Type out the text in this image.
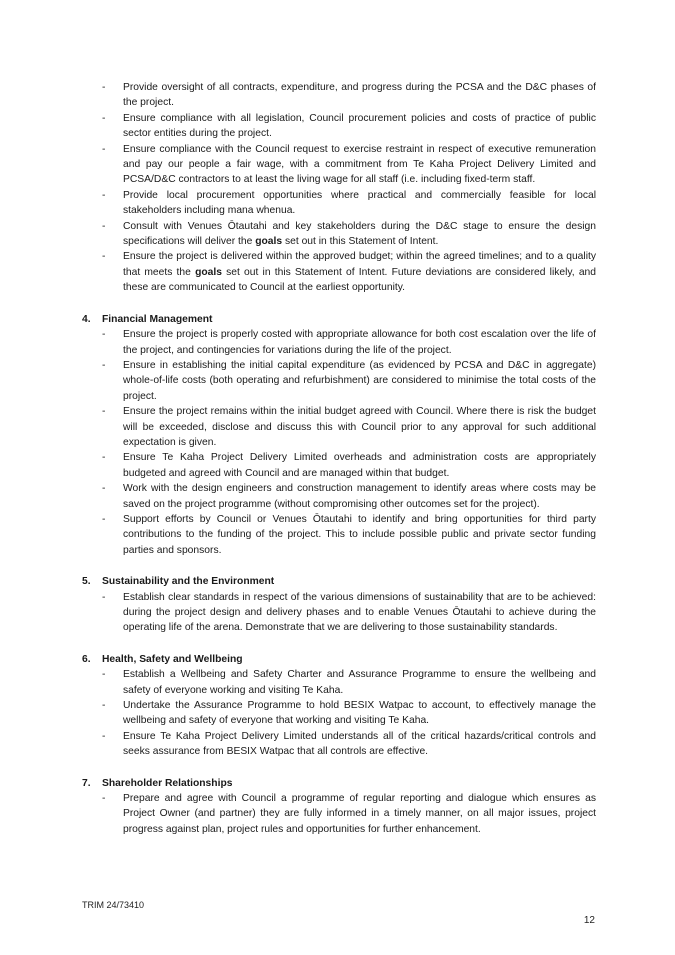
-	Provide oversight of all contracts, expenditure, and progress during the PCSA and the D&C phases of the project.
-	Ensure compliance with all legislation, Council procurement policies and costs of practice of public sector entities during the project.
-	Ensure compliance with the Council request to exercise restraint in respect of executive remuneration and pay our people a fair wage, with a commitment from Te Kaha Project Delivery Limited and PCSA/D&C contractors to at least the living wage for all staff (i.e. including fixed-term staff.
-	Provide local procurement opportunities where practical and commercially feasible for local stakeholders including mana whenua.
-	Consult with Venues Ōtautahi and key stakeholders during the D&C stage to ensure the design specifications will deliver the goals set out in this Statement of Intent.
-	Ensure the project is delivered within the approved budget; within the agreed timelines; and to a quality that meets the goals set out in this Statement of Intent. Future deviations are considered likely, and these are communicated to Council at the earliest opportunity.
4.	Financial Management
-	Ensure the project is properly costed with appropriate allowance for both cost escalation over the life of the project, and contingencies for variations during the life of the project.
-	Ensure in establishing the initial capital expenditure (as evidenced by PCSA and D&C in aggregate) whole-of-life costs (both operating and refurbishment) are considered to minimise the total costs of the project.
-	Ensure the project remains within the initial budget agreed with Council. Where there is risk the budget will be exceeded, disclose and discuss this with Council prior to any approval for such additional expectation is given.
-	Ensure Te Kaha Project Delivery Limited overheads and administration costs are appropriately budgeted and agreed with Council and are managed within that budget.
-	Work with the design engineers and construction management to identify areas where costs may be saved on the project programme (without compromising other outcomes set for the project).
-	Support efforts by Council or Venues Ōtautahi to identify and bring opportunities for third party contributions to the funding of the project. This to include possible public and private sector funding parties and sponsors.
5.	Sustainability and the Environment
-	Establish clear standards in respect of the various dimensions of sustainability that are to be achieved: during the project design and delivery phases and to enable Venues Ōtautahi to achieve during the operating life of the arena. Demonstrate that we are delivering to those sustainability standards.
6.	Health, Safety and Wellbeing
-	Establish a Wellbeing and Safety Charter and Assurance Programme to ensure the wellbeing and safety of everyone working and visiting Te Kaha.
-	Undertake the Assurance Programme to hold BESIX Watpac to account, to effectively manage the wellbeing and safety of everyone that working and visiting Te Kaha.
-	Ensure Te Kaha Project Delivery Limited understands all of the critical hazards/critical controls and seeks assurance from BESIX Watpac that all controls are effective.
7.	Shareholder Relationships
-	Prepare and agree with Council a programme of regular reporting and dialogue which ensures as Project Owner (and partner) they are fully informed in a timely manner, on all major issues, project progress against plan, project rules and opportunities for further enhancement.
TRIM 24/73410
12
